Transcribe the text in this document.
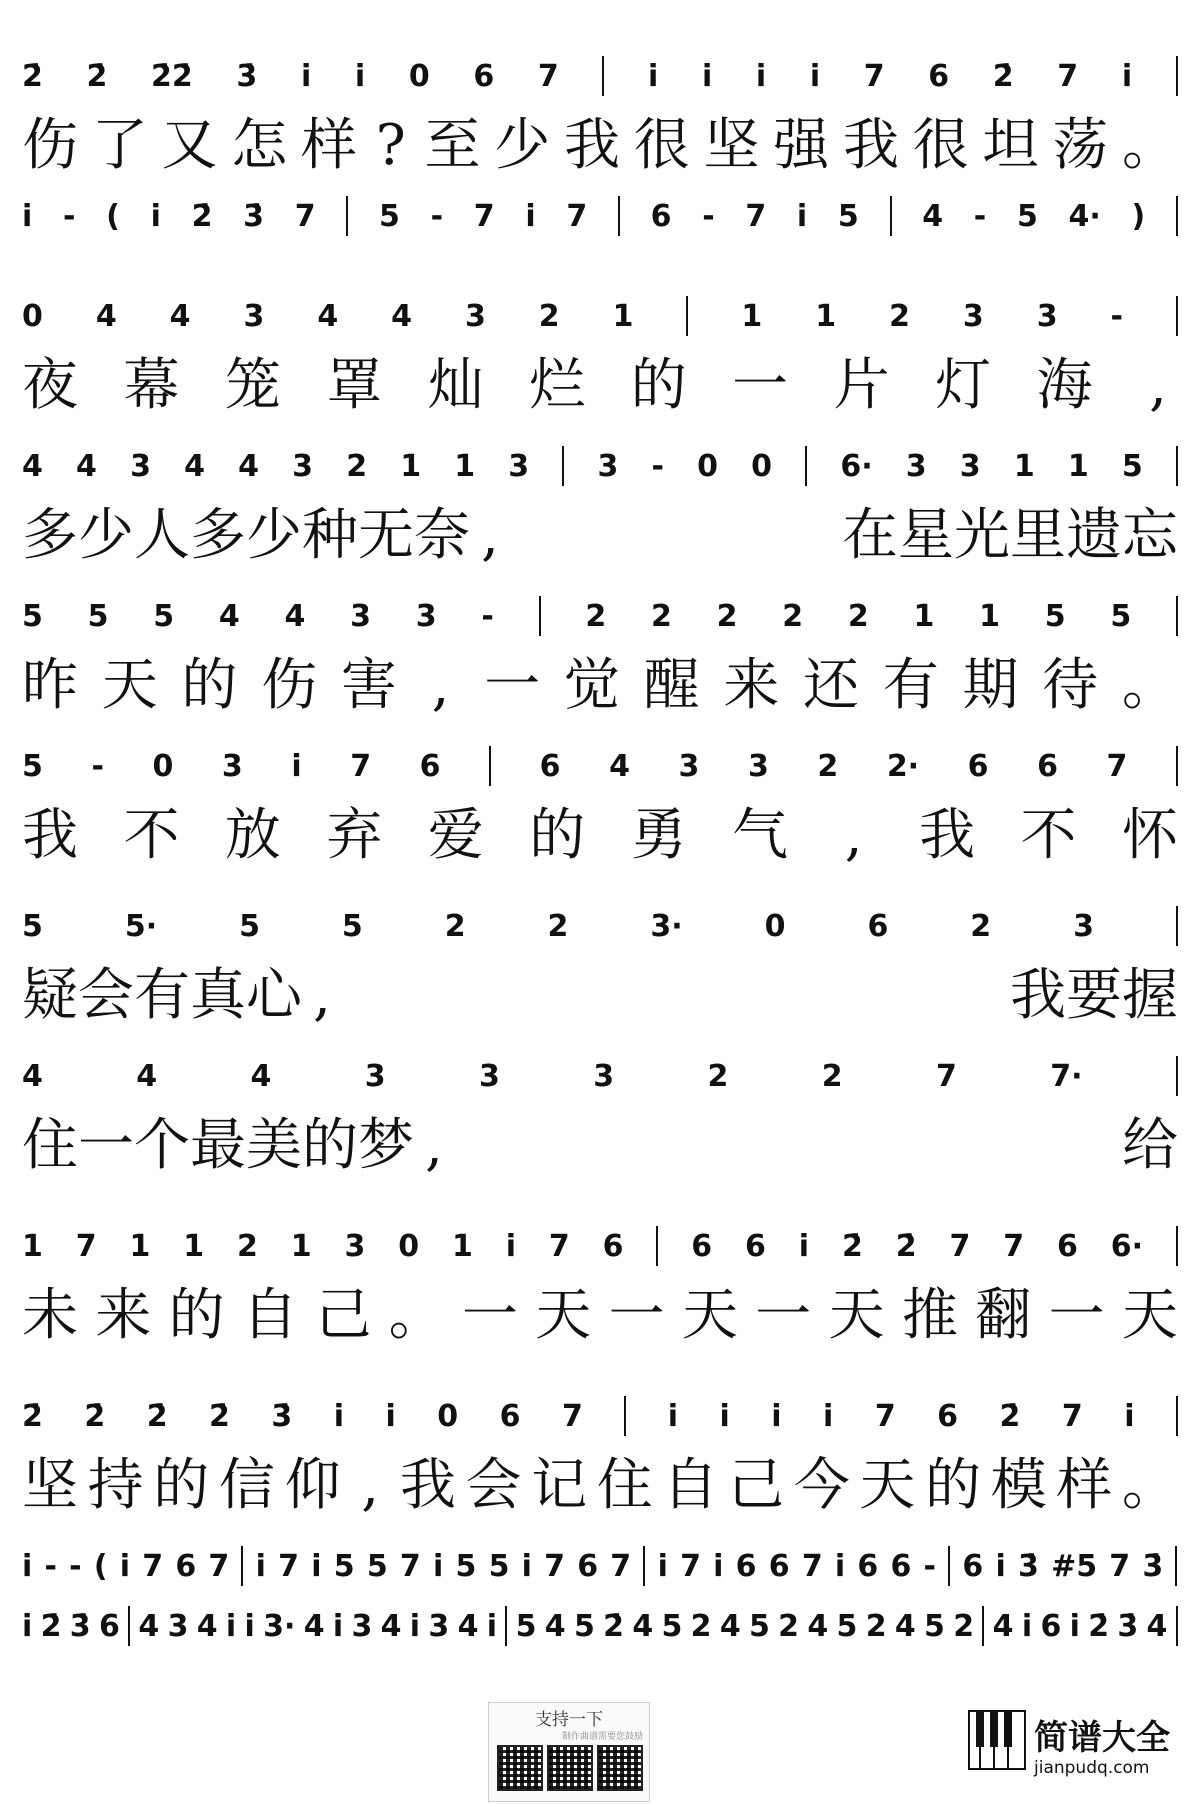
2̇ 2̇ 2̇2̇ 3̇ i i 0 6 7	i i i i 7 6 2̇ 7 i
伤 了 又 怎 样 ? 至 少 我 很 坚 强 我 很 坦 荡 。
i - ( i 2̇ 3̇ 7 5 - 7 i 7 6 - 7 i 5 4 - 5 4· )
0 4 4 3 4 4 3 2 1	1 1 2 3 3 -
夜 幕 笼 罩 灿 烂 的 一 片 灯 海 ,
4 4 3 4 4 3 2 1 1 3 3 - 0 0 6· 3 3 1 1 5
多 少 人 多 少 种 无 奈 ,	在 星 光 里 遗 忘
5 5 5 4 4 3 3 -	2 2 2 2 2 1 1 5 5
昨 天 的 伤 害 , 一 觉 醒 来 还 有 期 待 。
5 - 0 3 i 7 6	6 4 3 3 2 2· 6 6 7
我 不 放 弃 爱 的 勇 气 , 我 不 怀
5	5·	5	5	2	2	3·	0	6	2	3
疑 会 有 真 心 ,	我 要 握
4	4	4	3	3	3	2	2	7	7·
住 一 个 最 美 的 梦 ,	给
1 7 1 1 2 1 3 0 1 i 7 6 6 6 i 2̇ 2̇ 7 7 6 6·
未 来 的 自 己 。 一 天 一 天 一 天 推 翻 一 天
2̇ 2̇ 2̇ 2̇ 3̇ i i 0 6 7	i i i i 7 6 2̇ 7 i
坚 持 的 信 仰 , 我 会 记 住 自 己 今 天 的 模 样 。
i - - ( i 7 6 7 i 7 i 5 5 7 i 5 5 i 7 6 7 i 7 i 6 6 7 i 6 6 - 6 i 3̇ #5 7 3̇
i 2̇ 3̇ 6 4 3 4 i i 3· 4 i 3 4 i 3 4 i 5 4 5 2̇ 4 5 2 4 5 2 4 5 2 4 5 2 4 i 6 i 2̇ 3̇ 4
支持一下
制作曲谱需要您鼓励	简谱大全
jianpudq.com
